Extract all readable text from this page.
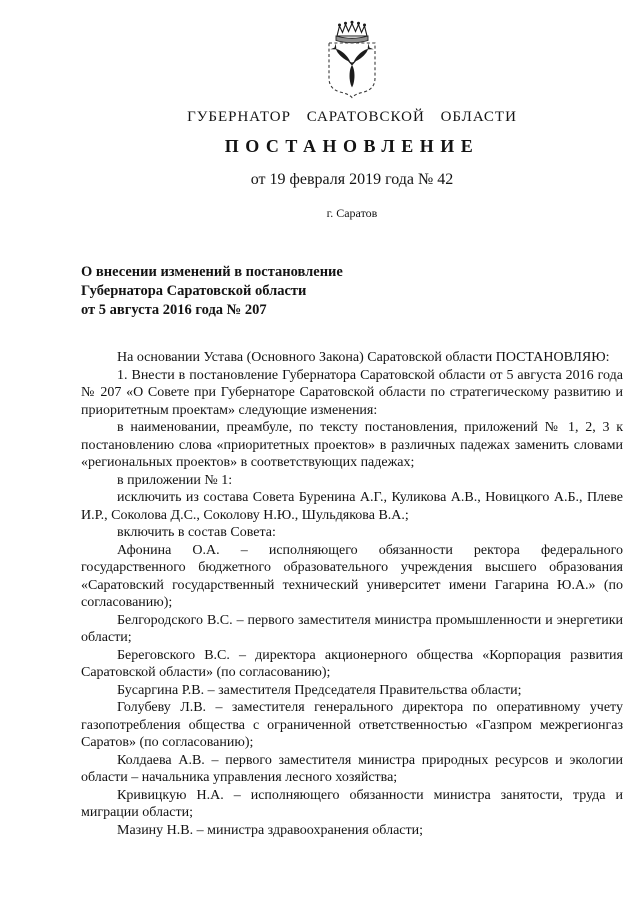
ГУБЕРНАТОР САРАТОВСКОЙ ОБЛАСТИ
ПОСТАНОВЛЕНИЕ
от 19 февраля 2019 года № 42
г. Саратов
О внесении изменений в постановление
Губернатора Саратовской области
от 5 августа 2016 года № 207

На основании Устава (Основного Закона) Саратовской области ПОСТАНОВЛЯЮ:

1. Внести в постановление Губернатора Саратовской области от 5 августа 2016 года № 207 «О Совете при Губернаторе Саратовской области по стратегическому развитию и приоритетным проектам» следующие изменения:

в наименовании, преамбуле, по тексту постановления, приложений № 1, 2, 3 к постановлению слова «приоритетных проектов» в различных падежах заменить словами «региональных проектов» в соответствующих падежах;

в приложении № 1:

исключить из состава Совета Буренина А.Г., Куликова А.В., Новицкого А.Б., Плеве И.Р., Соколова Д.С., Соколову Н.Ю., Шульдякова В.А.;

включить в состав Совета:

Афонина О.А. – исполняющего обязанности ректора федерального государственного бюджетного образовательного учреждения высшего образования «Саратовский государственный технический университет имени Гагарина Ю.А.» (по согласованию);

Белгородского В.С. – первого заместителя министра промышленности и энергетики области;

Береговского В.С. – директора акционерного общества «Корпорация развития Саратовской области» (по согласованию);

Бусаргина Р.В. – заместителя Председателя Правительства области;

Голубеву Л.В. – заместителя генерального директора по оперативному учету газопотребления общества с ограниченной ответственностью «Газпром межрегионгаз Саратов» (по согласованию);

Колдаева А.В. – первого заместителя министра природных ресурсов и экологии области – начальника управления лесного хозяйства;

Кривицкую Н.А. – исполняющего обязанности министра занятости, труда и миграции области;

Мазину Н.В. – министра здравоохранения области;
